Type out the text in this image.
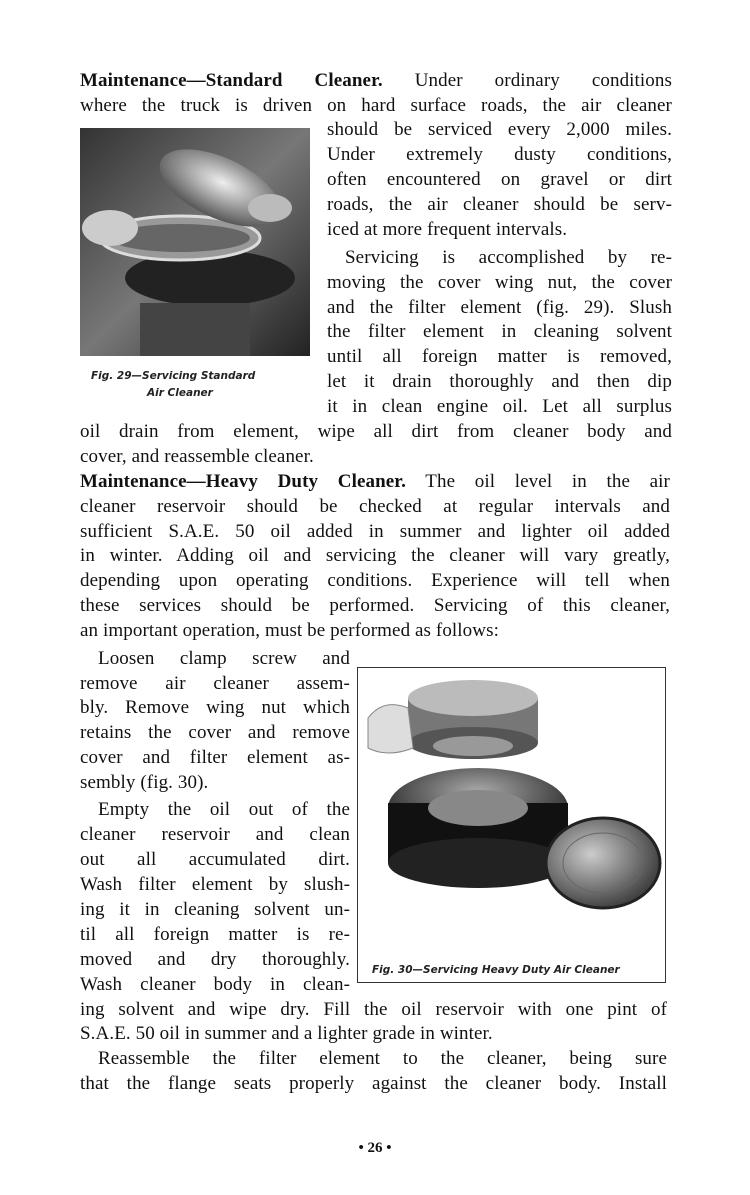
Maintenance—Standard Cleaner. Under ordinary conditions
where the truck is driven on hard surface roads, the air cleaner
should be serviced every 2,000 miles.
Under extremely dusty conditions,
often encountered on gravel or dirt
roads, the air cleaner should be serv-
iced at more frequent intervals.
Servicing is accomplished by re-
moving the cover wing nut, the cover
and the filter element (fig. 29). Slush
the filter element in cleaning solvent
until all foreign matter is removed,
let it drain thoroughly and then dip
it in clean engine oil. Let all surplus
oil drain from element, wipe all dirt from cleaner body and
cover, and reassemble cleaner.
Maintenance—Heavy Duty Cleaner. The oil level in the air
cleaner reservoir should be checked at regular intervals and
sufficient S.A.E. 50 oil added in summer and lighter oil added
in winter. Adding oil and servicing the cleaner will vary greatly,
depending upon operating conditions. Experience will tell when
these services should be performed. Servicing of this cleaner,
an important operation, must be performed as follows:
Loosen clamp screw and
remove air cleaner assem-
bly. Remove wing nut which
retains the cover and remove
cover and filter element as-
sembly (fig. 30).
Empty the oil out of the
cleaner reservoir and clean
out all accumulated dirt.
Wash filter element by slush-
ing it in cleaning solvent un-
til all foreign matter is re-
moved and dry thoroughly.
Wash cleaner body in clean-
ing solvent and wipe dry. Fill the oil reservoir with one pint of
S.A.E. 50 oil in summer and a lighter grade in winter.
Reassemble the filter element to the cleaner, being sure
that the flange seats properly against the cleaner body. Install
Fig. 29—Servicing Standard
Air Cleaner
Fig. 30—Servicing Heavy Duty Air Cleaner
• 26 •
